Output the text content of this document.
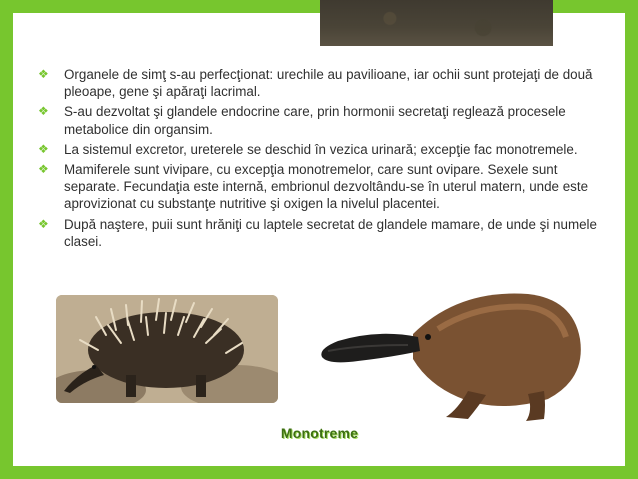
❖	Organele de simţ s-au perfecţionat: urechile au pavilioane, iar ochii sunt protejaţi de două pleoape, gene şi apăraţi lacrimal.
❖	S-au dezvoltat şi glandele endocrine care, prin hormonii secretaţi reglează procesele metabolice din organsim.
❖	La sistemul excretor, ureterele se deschid în vezica urinară; excepţie fac monotremele.
❖	Mamiferele sunt vivipare, cu excepţia monotremelor, care sunt ovipare. Sexele sunt separate. Fecundaţia este internă, embrionul dezvoltându-se în uterul matern, unde este aprovizionat cu substanţe nutritive şi oxigen la nivelul placentei.
❖	După naştere, puii sunt hrăniţi cu laptele secretat de glandele mamare, de unde şi numele clasei.
Monotreme
